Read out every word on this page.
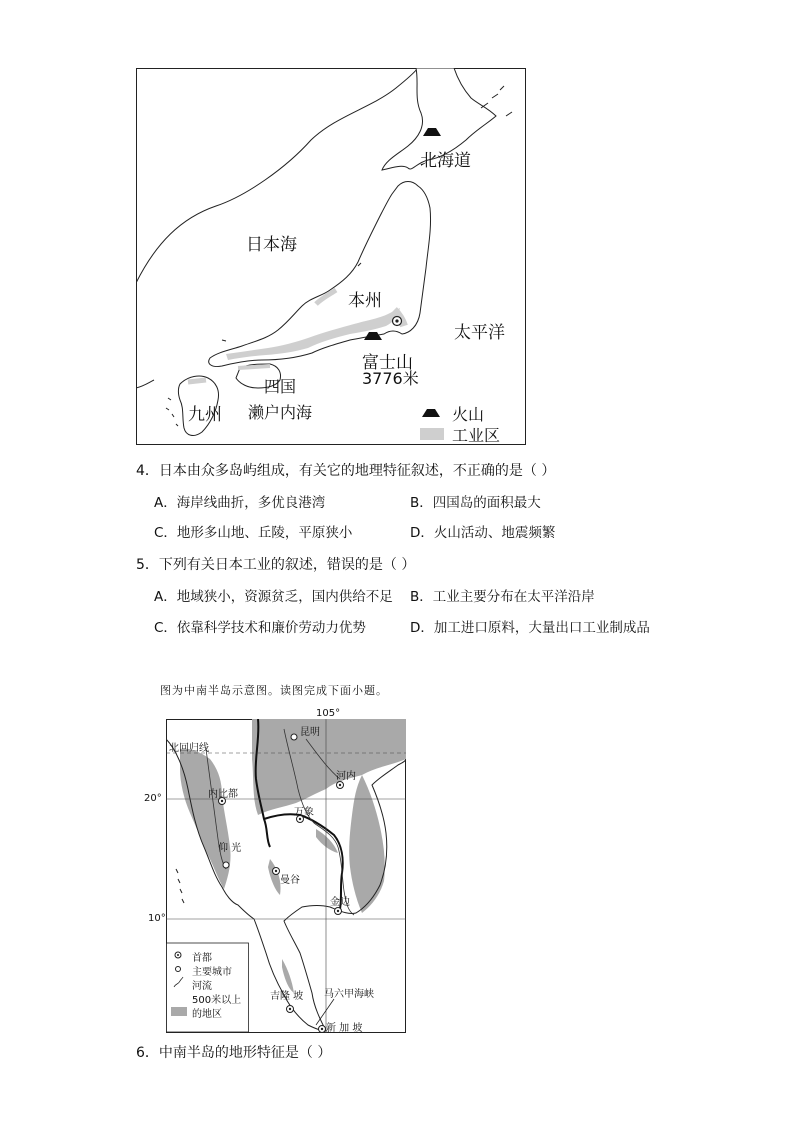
北海道
日本海
本州
太平洋
富士山
3776米
四国
九州 濑户内海	火山
工业区
4．日本由众多岛屿组成，有关它的地理特征叙述，不正确的是（ ）
A．海岸线曲折，多优良港湾	B．四国岛的面积最大
C．地形多山地、丘陵，平原狭小	D．火山活动、地震频繁
5．下列有关日本工业的叙述，错误的是（ ）
A．地域狭小，资源贫乏，国内供给不足 B．工业主要分布在太平洋沿岸
C．依靠科学技术和廉价劳动力优势	D．加工进口原料，大量出口工业制成品
图为中南半岛示意图。读图完成下面小题。
105°
昆明
北回归线
河内
20°	内比都
万象
仰 光
曼谷
金边
10°
吉隆 坡 马六甲海峡
新 加 坡
首都
主要城市
河流
500米以上
的地区
6．中南半岛的地形特征是（ ）
